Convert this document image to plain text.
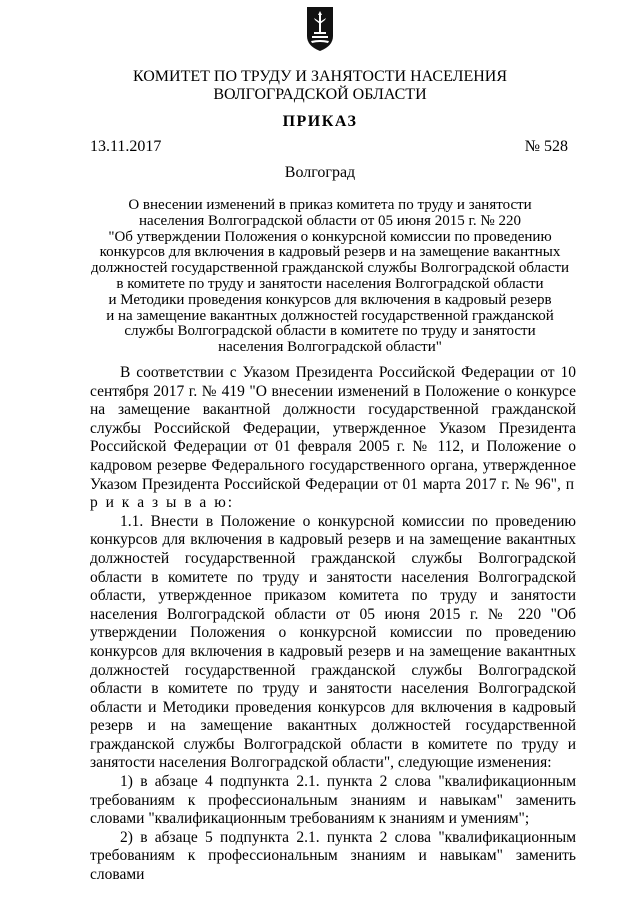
КОМИТЕТ ПО ТРУДУ И ЗАНЯТОСТИ НАСЕЛЕНИЯ
ВОЛГОГРАДСКОЙ ОБЛАСТИ
ПРИКАЗ
13.11.2017	№ 528
Волгоград
О внесении изменений в приказ комитета по труду и занятости
населения Волгоградской области от 05 июня 2015 г. № 220
"Об утверждении Положения о конкурсной комиссии по проведению
конкурсов для включения в кадровый резерв и на замещение вакантных
должностей государственной гражданской службы Волгоградской области
в комитете по труду и занятости населения Волгоградской области
и Методики проведения конкурсов для включения в кадровый резерв
и на замещение вакантных должностей государственной гражданской
службы Волгоградской области в комитете по труду и занятости
населения Волгоградской области"

В соответствии с Указом Президента Российской Федерации от 10 сентября 2017 г. № 419 "О внесении изменений в Положение о конкурсе на замещение вакантной должности государственной гражданской службы Российской Федерации, утвержденное Указом Президента Российской Федерации от 01 февраля 2005 г. № 112, и Положение о кадровом резерве Федерального государственного органа, утвержденное Указом Президента Российской Федерации от 01 марта 2017 г. № 96", п р и к а з ы в а ю:

1.1. Внести в Положение о конкурсной комиссии по проведению конкурсов для включения в кадровый резерв и на замещение вакантных должностей государственной гражданской службы Волгоградской области в комитете по труду и занятости населения Волгоградской области, утвержденное приказом комитета по труду и занятости населения Волгоградской области от 05 июня 2015 г. № 220 "Об утверждении Положения о конкурсной комиссии по проведению конкурсов для включения в кадровый резерв и на замещение вакантных должностей государственной гражданской службы Волгоградской области в комитете по труду и занятости населения Волгоградской области и Методики проведения конкурсов для включения в кадровый резерв и на замещение вакантных должностей государственной гражданской службы Волгоградской области в комитете по труду и занятости населения Волгоградской области", следующие изменения:

1) в абзаце 4 подпункта 2.1. пункта 2 слова "квалификационным требованиям к профессиональным знаниям и навыкам" заменить словами "квалификационным требованиям к знаниям и умениям";

2) в абзаце 5 подпункта 2.1. пункта 2 слова "квалификационным требованиям к профессиональным знаниям и навыкам" заменить словами
